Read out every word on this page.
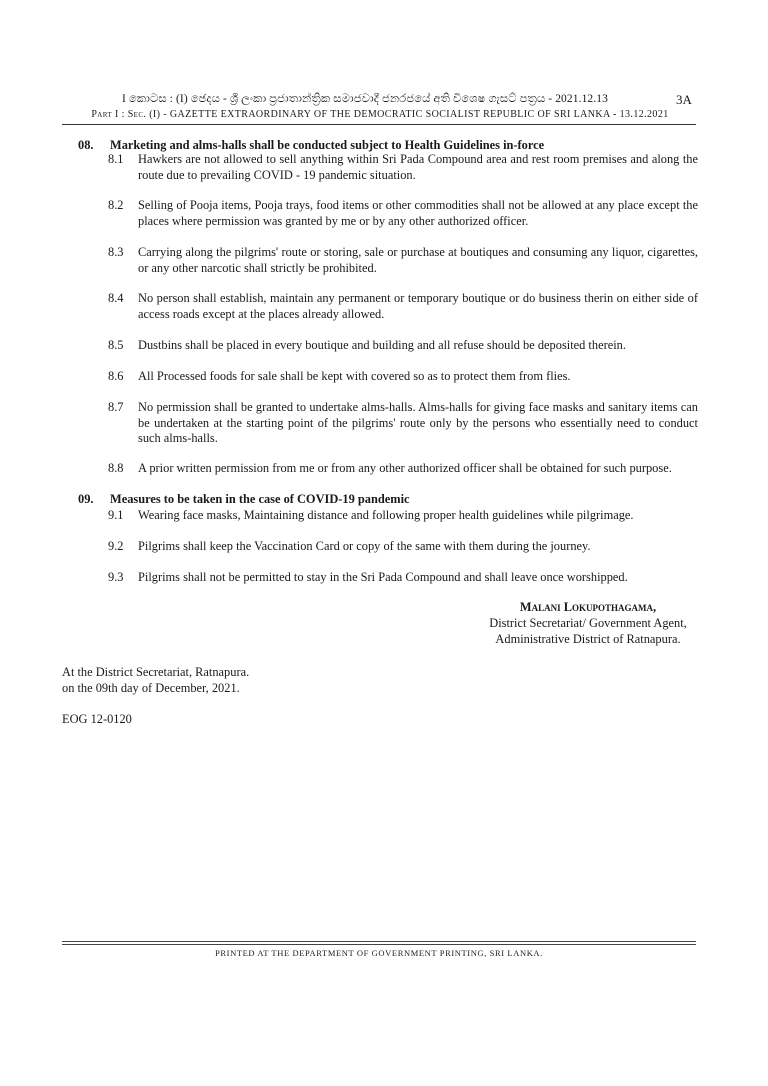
I කොටස : (I) ඡෙදය - ශ්‍රී ලංකා ප්‍රජාතාන්ත්‍රික සමාජවාදී ජනරජයේ අති විශෙෂ ගැසට් පත්‍රය - 2021.12.13	3A
Part I : Sec. (I) - GAZETTE EXTRAORDINARY OF THE DEMOCRATIC SOCIALIST REPUBLIC OF SRI LANKA - 13.12.2021
08. Marketing and alms-halls shall be conducted subject to Health Guidelines in-force
8.1 Hawkers are not allowed to sell anything within Sri Pada Compound area and rest room premises and along the route due to prevailing COVID - 19 pandemic situation.
8.2 Selling of Pooja items, Pooja trays, food items or other commodities shall not be allowed at any place except the places where permission was granted by me or by any other authorized officer.
8.3 Carrying along the pilgrims' route or storing, sale or purchase at boutiques and consuming any liquor, cigarettes, or any other narcotic shall strictly be prohibited.
8.4 No person shall establish, maintain any permanent or temporary boutique or do business therin on either side of access roads except at the places already allowed.
8.5 Dustbins shall be placed in every boutique and building and all refuse should be deposited therein.
8.6 All Processed foods for sale shall be kept with covered so as to protect them from flies.
8.7 No permission shall be granted to undertake alms-halls. Alms-halls for giving face masks and sanitary items can be undertaken at the starting point of the pilgrims' route only by the persons who essentially need to conduct such alms-halls.
8.8 A prior written permission from me or from any other authorized officer shall be obtained for such purpose.
09. Measures to be taken in the case of COVID-19 pandemic
9.1 Wearing face masks, Maintaining distance and following proper health guidelines while pilgrimage.
9.2 Pilgrims shall keep the Vaccination Card or copy of the same with them during the journey.
9.3 Pilgrims shall not be permitted to stay in the Sri Pada Compound and shall leave once worshipped.
Malani Lokupothagama,
District Secretariat/ Government Agent,
Administrative District of Ratnapura.
At the District Secretariat, Ratnapura.
on the 09th day of December, 2021.
EOG 12-0120
PRINTED AT THE DEPARTMENT OF GOVERNMENT PRINTING, SRI LANKA.
